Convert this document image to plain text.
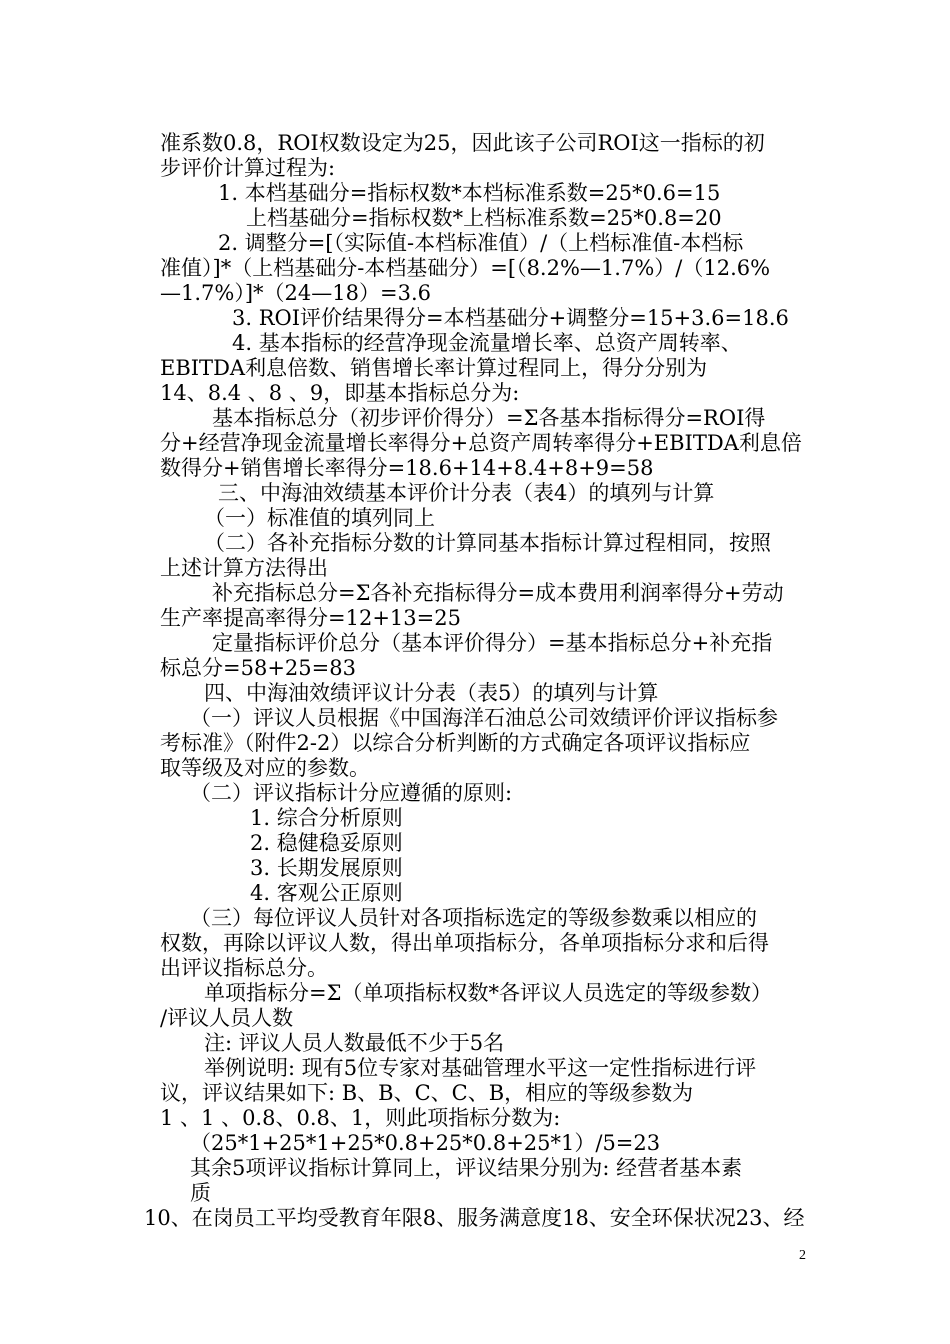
准系数0.8，ROI权数设定为25，因此该子公司ROI这一指标的初
步评价计算过程为:
1. 本档基础分=指标权数*本档标准系数=25*0.6=15
上档基础分=指标权数*上档标准系数=25*0.8=20
2. 调整分=[（实际值-本档标准值）/（上档标准值-本档标
准值）]*（上档基础分-本档基础分）=[（8.2%—1.7%）/（12.6%
—1.7%）]*（24—18）=3.6
3. ROI评价结果得分=本档基础分+调整分=15+3.6=18.6
4. 基本指标的经营净现金流量增长率、总资产周转率、
EBITDA利息倍数、销售增长率计算过程同上，得分分别为
14、8.4 、8 、9，即基本指标总分为:
基本指标总分（初步评价得分）=Σ各基本指标得分=ROI得
分+经营净现金流量增长率得分+总资产周转率得分+EBITDA利息倍
数得分+销售增长率得分=18.6+14+8.4+8+9=58
三、中海油效绩基本评价计分表（表4）的填列与计算
（一）标准值的填列同上
（二）各补充指标分数的计算同基本指标计算过程相同，按照
上述计算方法得出
补充指标总分=Σ各补充指标得分=成本费用利润率得分+劳动
生产率提高率得分=12+13=25
定量指标评价总分（基本评价得分）=基本指标总分+补充指
标总分=58+25=83
四、中海油效绩评议计分表（表5）的填列与计算
（一）评议人员根据《中国海洋石油总公司效绩评价评议指标参
考标准》（附件2-2）以综合分析判断的方式确定各项评议指标应
取等级及对应的参数。
（二）评议指标计分应遵循的原则:
1. 综合分析原则
2. 稳健稳妥原则
3. 长期发展原则
4. 客观公正原则
（三）每位评议人员针对各项指标选定的等级参数乘以相应的
权数，再除以评议人数，得出单项指标分，各单项指标分求和后得
出评议指标总分。
单项指标分=Σ（单项指标权数*各评议人员选定的等级参数）
/评议人员人数
注: 评议人员人数最低不少于5名
举例说明: 现有5位专家对基础管理水平这一定性指标进行评
议，评议结果如下: B、B、C、C、B，相应的等级参数为
1 、1 、0.8、0.8、1，则此项指标分数为:
（25*1+25*1+25*0.8+25*0.8+25*1）/5=23
其余5项评议指标计算同上，评议结果分别为: 经营者基本素
质
10、在岗员工平均受教育年限8、服务满意度18、安全环保状况23、经
2
